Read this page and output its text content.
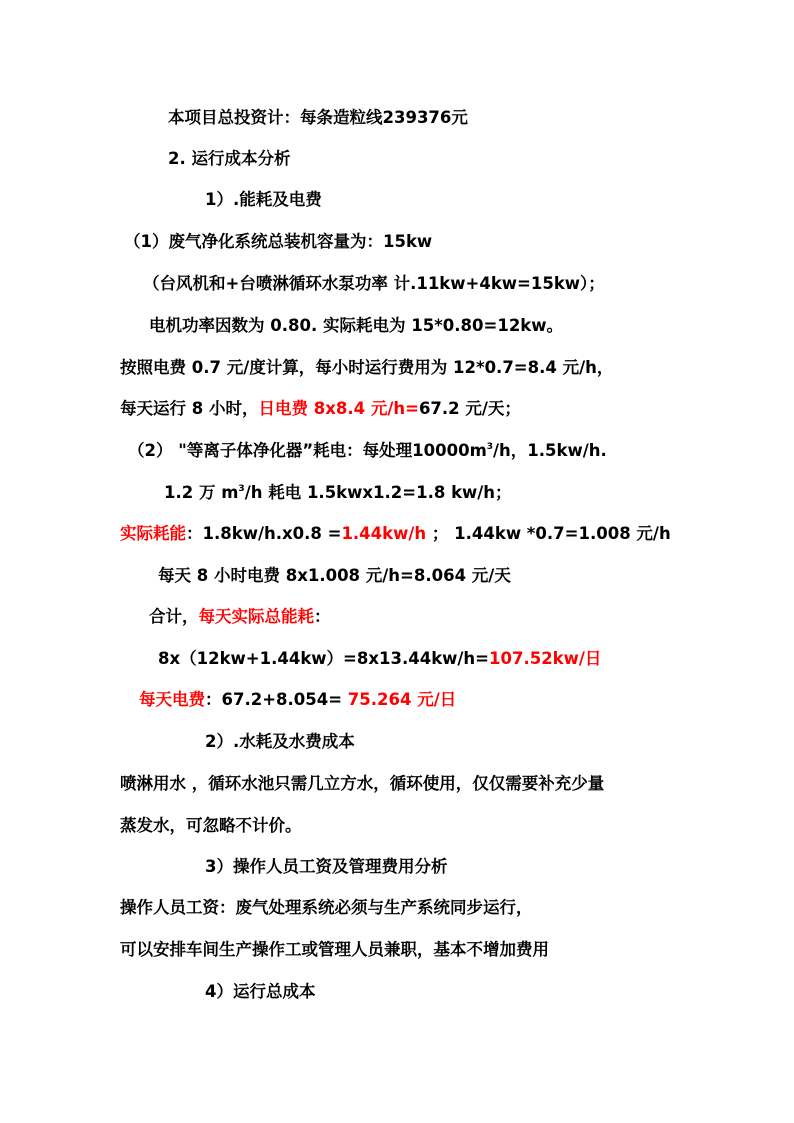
本项目总投资计：每条造粒线239376元
2. 运行成本分析
1）.能耗及电费
（1）废气净化系统总装机容量为：15kw
（台风机和+台喷淋循环水泵功率 计.11kw+4kw=15kw）；
电机功率因数为 0.80. 实际耗电为 15*0.80=12kw。
按照电费 0.7 元/度计算，每小时运行费用为 12*0.7=8.4 元/h，
每天运行 8 小时，日电费 8x8.4 元/h=67.2 元/天；
（2） "等离子体净化器”耗电：每处理$10000m^3/h$，1.5kw/h.
1.2 万 $m^3/h$ 耗电 1.5kwx1.2=1.8 kw/h；
实际耗能：1.8kw/h.x0.8 =1.44kw/h ； 1.44kw *0.7=1.008 元/h
每天 8 小时电费 8x1.008 元/h=8.064 元/天
合计，每天实际总能耗：
8x（12kw+1.44kw）=8x13.44kw/h=107.52kw/日
每天电费：67.2+8.054= 75.264 元/日
2）.水耗及水费成本
喷淋用水 ，循环水池只需几立方水，循环使用，仅仅需要补充少量
蒸发水，可忽略不计价。
3）操作人员工资及管理费用分析
操作人员工资：废气处理系统必须与生产系统同步运行，
可以安排车间生产操作工或管理人员兼职，基本不增加费用
4）运行总成本
